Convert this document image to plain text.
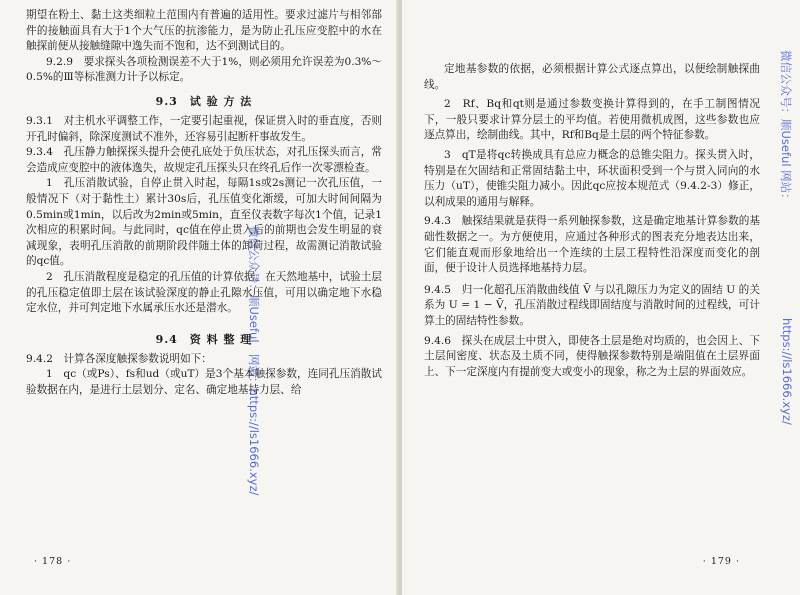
期望在粉土、黏土这类细粒土范围内有普遍的适用性。要求过滤片与相邻部件的接触面具有大于1个大气压的抗渗能力，是为防止孔压应变腔中的水在触探前便从接触缝隙中逸失而不饱和，达不到测试目的。

9.2.9　要求探头各项检测误差不大于1%，则必须用允许误差为0.3%～0.5%的Ⅲ等标准测力计予以标定。

9.3　试 验 方 法

9.3.1　对主机水平调整工作，一定要引起重视，保证贯入时的垂直度，否则开孔时偏斜，除深度测试不准外，还容易引起断杆事故发生。

9.3.4　孔压静力触探探头提升会使孔底处于负压状态，对孔压探头而言，常会造成应变腔中的液体逸失，故规定孔压探头只在终孔后作一次零漂检查。

1　孔压消散试验，自停止贯入时起，每隔1s或2s测记一次孔压值，一般情况下（对于黏性土）累计30s后，孔压值变化渐缓，可加大时间间隔为0.5min或1min，以后改为2min或5min，直至仪表数字每次1个值，记录1次相应的积累时间。与此同时，qc值在停止贯入后的前期也会发生明显的衰减现象，表明孔压消散的前期阶段伴随土体的卸荷过程，故需测记消散试验的qc值。

2　孔压消散程度是稳定的孔压值的计算依据。在天然地基中，试验土层的孔压稳定值即土层在该试验深度的静止孔隙水压值，可用以确定地下水稳定水位，并可判定地下水属承压水还是潜水。

9.4　资 料 整 理

9.4.2　计算各深度触探参数说明如下：

1　qc（或Ps）、fs和ud（或uT）是3个基本触探参数，连同孔压消散试验数据在内，是进行土层划分、定名、确定地基持力层、给

· 178 ·

定地基参数的依据，必须根据计算公式逐点算出，以便绘制触探曲线。

2　Rf、Bq和qt则是通过参数变换计算得到的，在手工制图情况下，一般只要求计算分层土的平均值。若使用微机成图，这些参数也应逐点算出，绘制曲线。其中，Rf和Bq是土层的两个特征参数。

3　qT是将qc转换成具有总应力概念的总锥尖阻力。探头贯入时，特别是在欠固结和正常固结黏土中，环状面积受到一个与贯入同向的水压力（uT），使锥尖阻力减小。因此qc应按本规范式（9.4.2-3）修正，以利成果的通用与解释。

9.4.3　触探结果就是获得一系列触探参数，这是确定地基计算参数的基础性数据之一。为方便使用，应通过各种形式的图表充分地表达出来，它们能直观而形象地给出一个连续的土层工程特性沿深度而变化的剖面，便于设计人员选择地基持力层。

9.4.5　归一化超孔压消散曲线值 V̄ 与以孔隙压力为定义的固结 U 的关系为 U = 1 − V̄，孔压消散过程线即固结度与消散时间的过程线，可计算土的固结特性参数。

9.4.6　探头在成层土中贯入，即使各土层是绝对均质的，也会因上、下土层间密度、状态及土质不同，使得触探参数特别是端阻值在土层界面上、下一定深度内有提前变大或变小的现象，称之为土层的界面效应。

· 179 ·
微信公众号：顺Useful，网站：https://ls1666.xyz/
微信公众号：顺Useful 网站：
https://ls1666.xyz/
